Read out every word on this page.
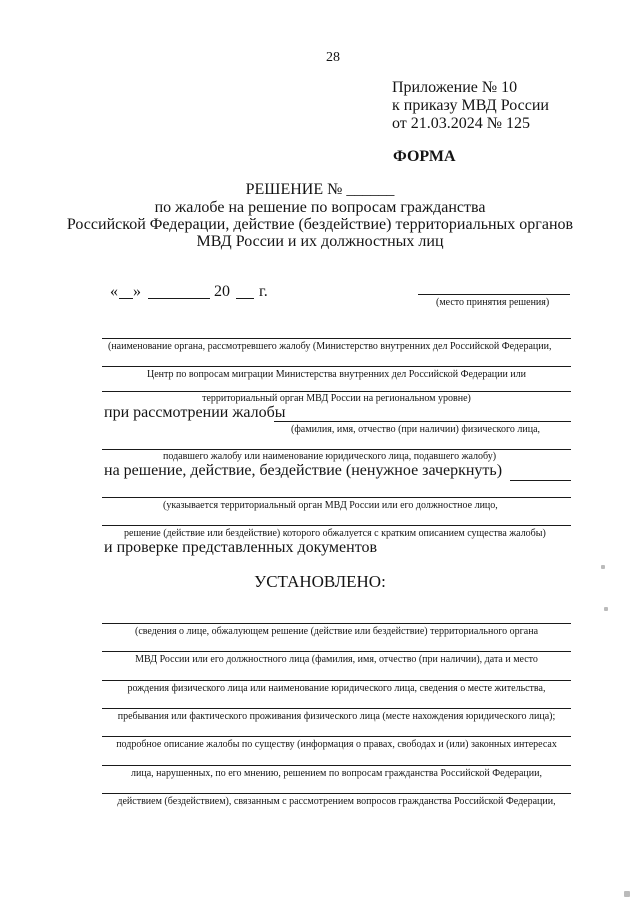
28
Приложение № 10
к приказу МВД России
от 21.03.2024 № 125
ФОРМА
РЕШЕНИЕ № ______
по жалобе на решение по вопросам гражданства
Российской Федерации, действие (бездействие) территориальных органов
МВД России и их должностных лиц
« »	20 г.
(место принятия решения)
(наименование органа, рассмотревшего жалобу (Министерство внутренних дел Российской Федерации,
Центр по вопросам миграции Министерства внутренних дел Российской Федерации или
территориальный орган МВД России на региональном уровне)
при рассмотрении жалобы
(фамилия, имя, отчество (при наличии) физического лица,
подавшего жалобу или наименование юридического лица, подавшего жалобу)
на решение, действие, бездействие (ненужное зачеркнуть)
(указывается территориальный орган МВД России или его должностное лицо,
решение (действие или бездействие) которого обжалуется с кратким описанием существа жалобы)
и проверке представленных документов
УСТАНОВЛЕНО:
(сведения о лице, обжалующем решение (действие или бездействие) территориального органа
МВД России или его должностного лица (фамилия, имя, отчество (при наличии), дата и место
рождения физического лица или наименование юридического лица, сведения о месте жительства,
пребывания или фактического проживания физического лица (месте нахождения юридического лица);
подробное описание жалобы по существу (информация о правах, свободах и (или) законных интересах
лица, нарушенных, по его мнению, решением по вопросам гражданства Российской Федерации,
действием (бездействием), связанным с рассмотрением вопросов гражданства Российской Федерации,
